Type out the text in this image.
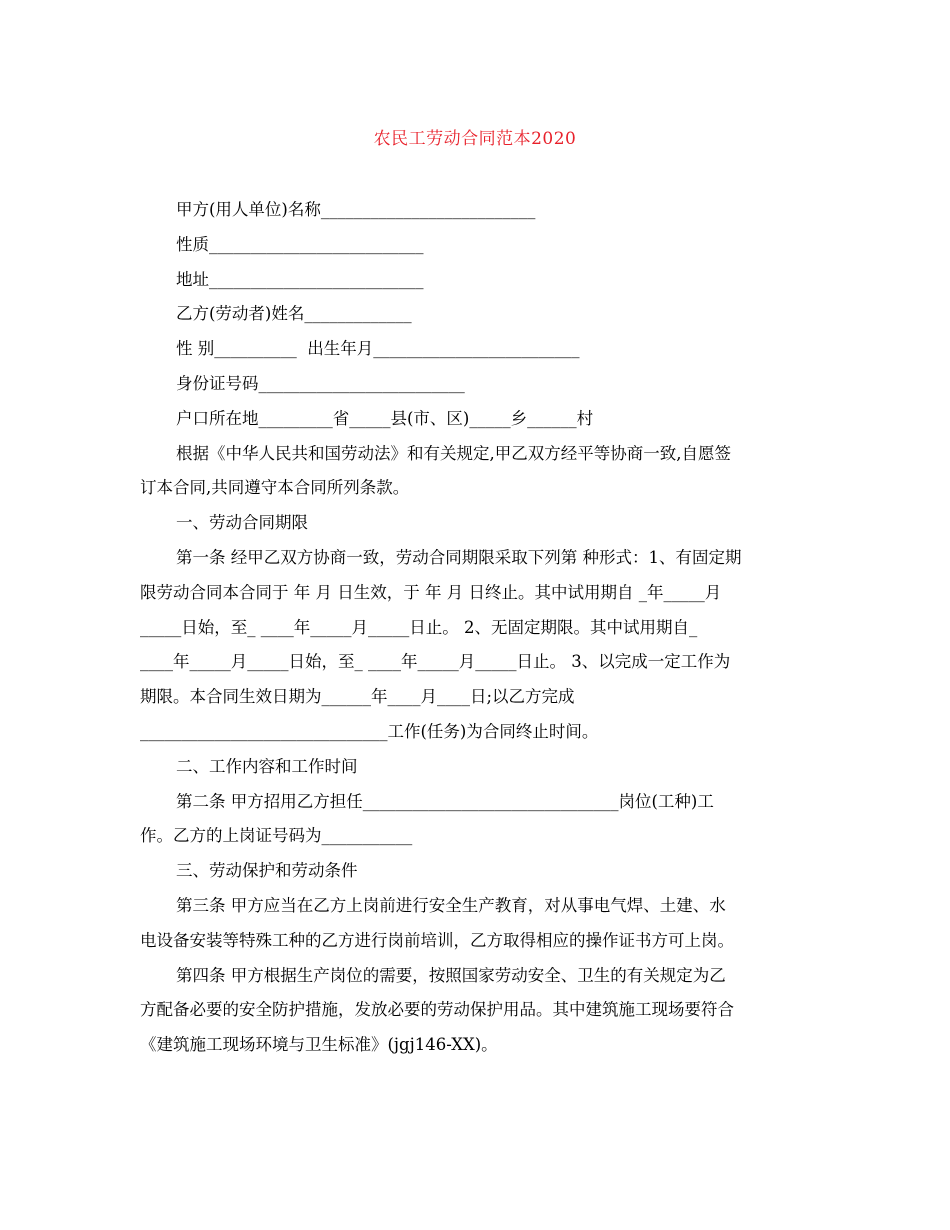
农民工劳动合同范本2020
甲方(用人单位)名称__________________________
性质__________________________
地址__________________________
乙方(劳动者)姓名_____________
性 别__________  出生年月_________________________
身份证号码_________________________
户口所在地_________省_____县(市、区)_____乡______村
根据《中华人民共和国劳动法》和有关规定,甲乙双方经平等协商一致,自愿签
订本合同,共同遵守本合同所列条款。
一、劳动合同期限
第一条 经甲乙双方协商一致，劳动合同期限采取下列第 种形式：1、有固定期
限劳动合同本合同于 年 月 日生效，于 年 月 日终止。其中试用期自 _年_____月
_____日始，至_ ____年_____月_____日止。 2、无固定期限。其中试用期自_
____年_____月_____日始，至_ ____年_____月_____日止。 3、以完成一定工作为
期限。本合同生效日期为______年____月____日;以乙方完成
______________________________工作(任务)为合同终止时间。
二、工作内容和工作时间
第二条 甲方招用乙方担任_______________________________岗位(工种)工
作。乙方的上岗证号码为___________
三、劳动保护和劳动条件
第三条 甲方应当在乙方上岗前进行安全生产教育，对从事电气焊、土建、水
电设备安装等特殊工种的乙方进行岗前培训，乙方取得相应的操作证书方可上岗。
第四条 甲方根据生产岗位的需要，按照国家劳动安全、卫生的有关规定为乙
方配备必要的安全防护措施，发放必要的劳动保护用品。其中建筑施工现场要符合
《建筑施工现场环境与卫生标准》(jgj146-XX)。
